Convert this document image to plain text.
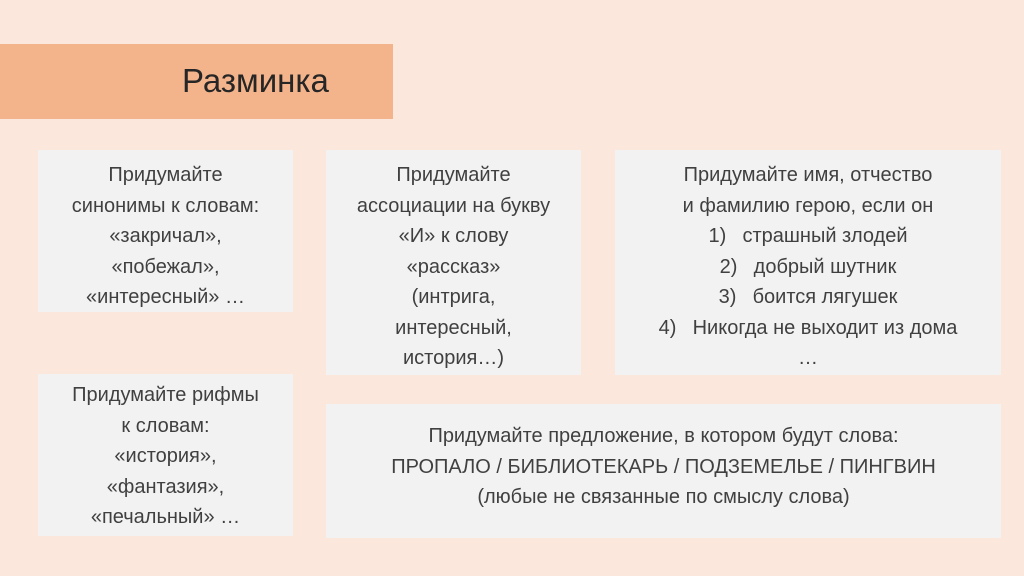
Разминка
Придумайте
синонимы к словам:
«закричал»,
«побежал»,
«интересный» …
Придумайте
ассоциации на букву
«И» к слову
«рассказ»
(интрига,
интересный,
история…)
Придумайте имя, отчество
и фамилию герою, если он
1) страшный злодей
2) добрый шутник
3) боится лягушек
4) Никогда не выходит из дома
…
Придумайте рифмы
к словам:
«история»,
«фантазия»,
«печальный» …
Придумайте предложение, в котором будут слова:
ПРОПАЛО / БИБЛИОТЕКАРЬ / ПОДЗЕМЕЛЬЕ / ПИНГВИН
(любые не связанные по смыслу слова)
